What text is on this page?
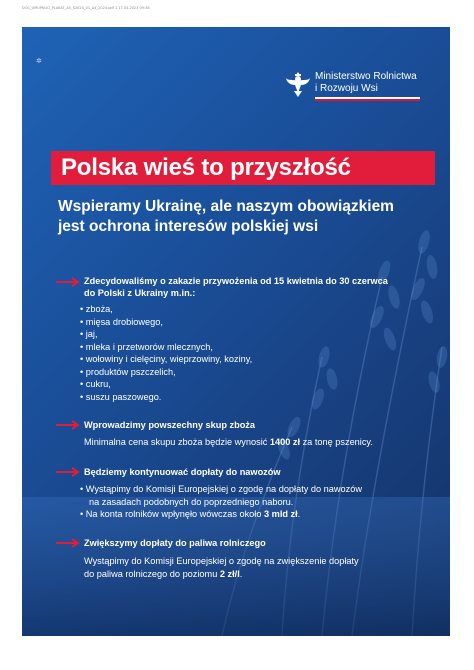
DOC_UMUPNUO_PLAKAT_A5_S2025_01_A4_2024.pdf 1 17.04.2023 09:38
✲
Ministerstwo Rolnictwa
i Rozwoju Wsi
Polska wieś to przyszłość
Wspieramy Ukrainę, ale naszym obowiązkiem
jest ochrona interesów polskiej wsi
Zdecydowaliśmy o zakazie przywożenia od 15 kwietnia do 30 czerwca
do Polski z Ukrainy m.in.:
• zboża,
• mięsa drobiowego,
• jaj,
• mleka i przetworów mlecznych,
• wołowiny i cielęciny, wieprzowiny, koziny,
• produktów pszczelich,
• cukru,
• suszu paszowego.
Wprowadzimy powszechny skup zboża
Minimalna cena skupu zboża będzie wynosić 1400 zł za tonę pszenicy.
Będziemy kontynuować dopłaty do nawozów
• Wystąpimy do Komisji Europejskiej o zgodę na dopłaty do nawozów
na zasadach podobnych do poprzedniego naboru.
• Na konta rolników wpłynęło wówczas około 3 mld zł.
Zwiększymy dopłaty do paliwa rolniczego
Wystąpimy do Komisji Europejskiej o zgodę na zwiększenie dopłaty
do paliwa rolniczego do poziomu 2 zł/l.
